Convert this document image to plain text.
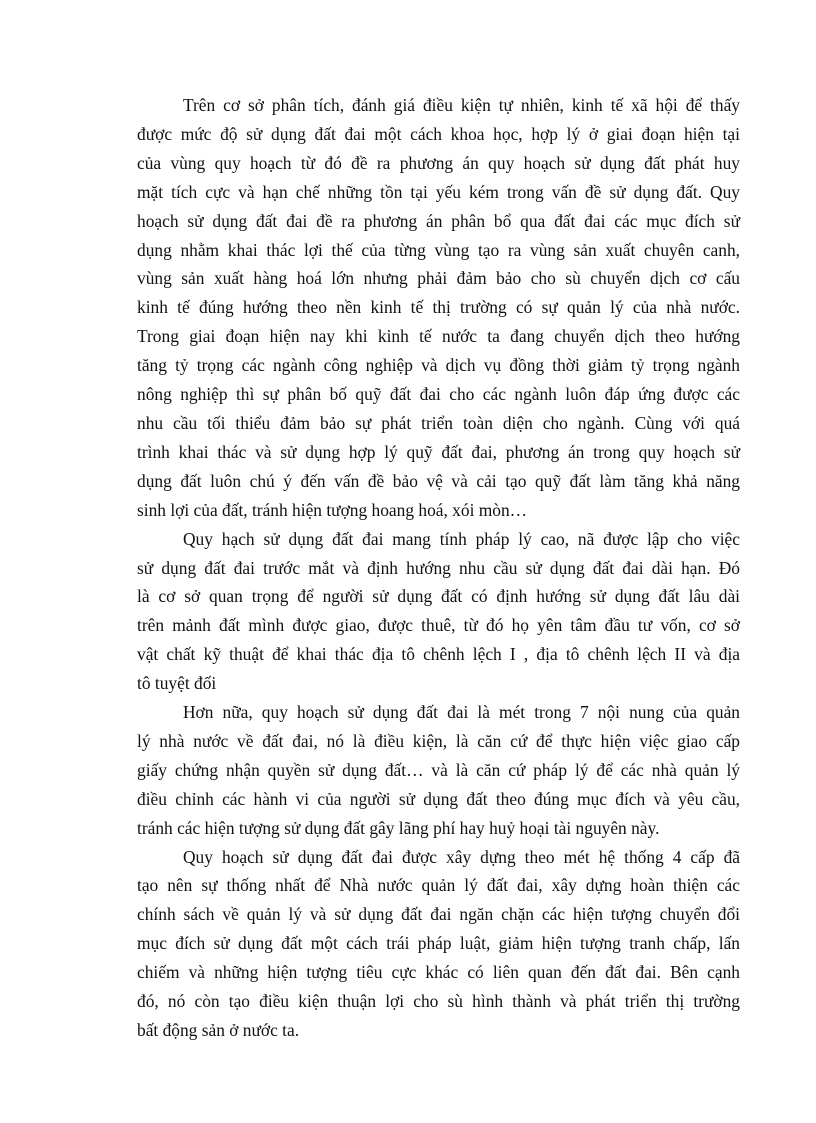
Trên cơ sở phân tích, đánh giá điều kiện tự nhiên, kinh tế xã hội để thấy
được mức độ sử dụng đất đai một cách khoa học, hợp lý ở giai đoạn hiện tại
của vùng quy hoạch từ đó đề ra phương án quy hoạch sử dụng đất phát huy
mặt tích cực và hạn chế những tồn tại yếu kém trong vấn đề sử dụng đất. Quy
hoạch sử dụng đất đai đề ra phương án phân bổ qua đất đai các mục đích sử
dụng nhằm khai thác lợi thế của từng vùng tạo ra vùng sản xuất chuyên canh,
vùng sản xuất hàng hoá lớn nhưng phải đảm bảo cho sù chuyển dịch cơ cấu
kinh tế đúng hướng theo nền kinh tế thị trường có sự quản lý của nhà nước.
Trong giai đoạn hiện nay khi kinh tế nước ta đang chuyển dịch theo hướng
tăng tỷ trọng các ngành công nghiệp và dịch vụ đồng thời giảm tỷ trọng ngành
nông nghiệp thì sự phân bố quỹ đất đai cho các ngành luôn đáp ứng được các
nhu cầu tối thiểu đảm bảo sự phát triển toàn diện cho ngành. Cùng với quá
trình khai thác và sử dụng hợp lý quỹ đất đai, phương án trong quy hoạch sử
dụng đất luôn chú ý đến vấn đề bảo vệ và cải tạo quỹ đất làm tăng khả năng
sinh lợi của đất, tránh hiện tượng hoang hoá, xói mòn…
Quy hạch sử dụng đất đai mang tính pháp lý cao, nã được lập cho việc
sử dụng đất đai trước mắt và định hướng nhu cầu sử dụng đất đai dài hạn. Đó
là cơ sở quan trọng để người sử dụng đất có định hướng sử dụng đất lâu dài
trên mảnh đất mình được giao, được thuê, từ đó họ yên tâm đầu tư vốn, cơ sở
vật chất kỹ thuật để khai thác địa tô chênh lệch I , địa tô chênh lệch II và địa
tô tuyệt đối
Hơn nữa, quy hoạch sử dụng đất đai là mét trong 7 nội nung của quản
lý nhà nước về đất đai, nó là điều kiện, là căn cứ để thực hiện việc giao cấp
giấy chứng nhận quyền sử dụng đất… và là căn cứ pháp lý để các nhà quản lý
điều chỉnh các hành vi của người sử dụng đất theo đúng mục đích và yêu cầu,
tránh các hiện tượng sử dụng đất gây lãng phí hay huỷ hoại tài nguyên này.
Quy hoạch sử dụng đất đai được xây dựng theo mét hệ thống 4 cấp đã
tạo nên sự thống nhất để Nhà nước quản lý đất đai, xây dựng hoàn thiện các
chính sách về quản lý và sử dụng đất đai ngăn chặn các hiện tượng chuyển đổi
mục đích sử dụng đất một cách trái pháp luật, giảm hiện tượng tranh chấp, lấn
chiếm và những hiện tượng tiêu cực khác có liên quan đến đất đai. Bên cạnh
đó, nó còn tạo điều kiện thuận lợi cho sù hình thành và phát triển thị trường
bất động sản ở nước ta.
